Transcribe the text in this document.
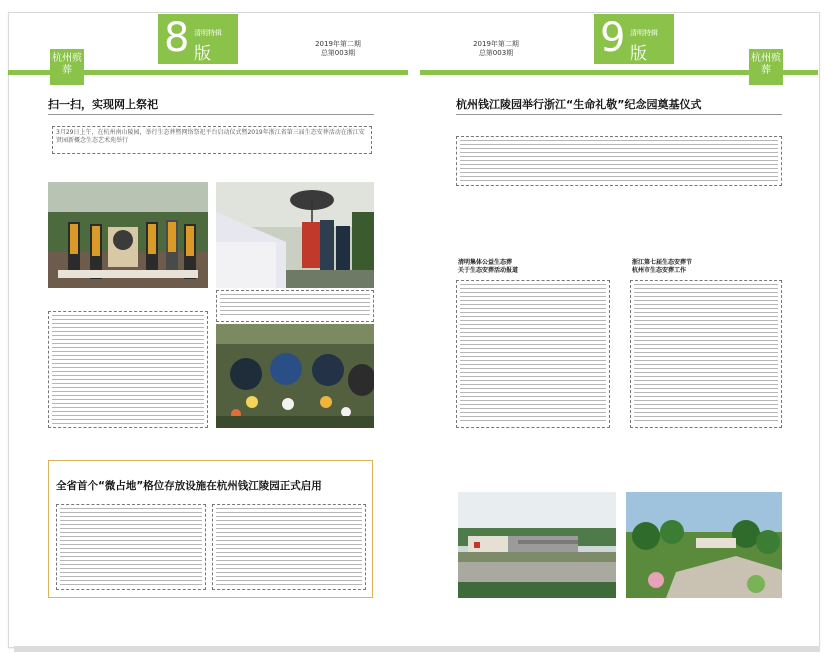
杭州殡葬
8 清明特辑
版	2019年第二期
总第003期	杭州殡葬
9 清明特辑
版
2019年第二期
总第003期
扫一扫，实现网上祭祀
3月29日上午，在杭州南山陵园，举行生态葬暨网络祭祀平台启动仪式暨2019年浙江省第三届生态安葬活动在浙江安贤园新概念生态艺术苑举行
全省首个“微占地”格位存放设施在杭州钱江陵园正式启用
杭州钱江陵园举行浙江“生命礼敬”纪念园奠基仪式
清明集体公益生态葬
关于生态安葬活动报道
浙江第七届生态安葬节
杭州市生态安葬工作
